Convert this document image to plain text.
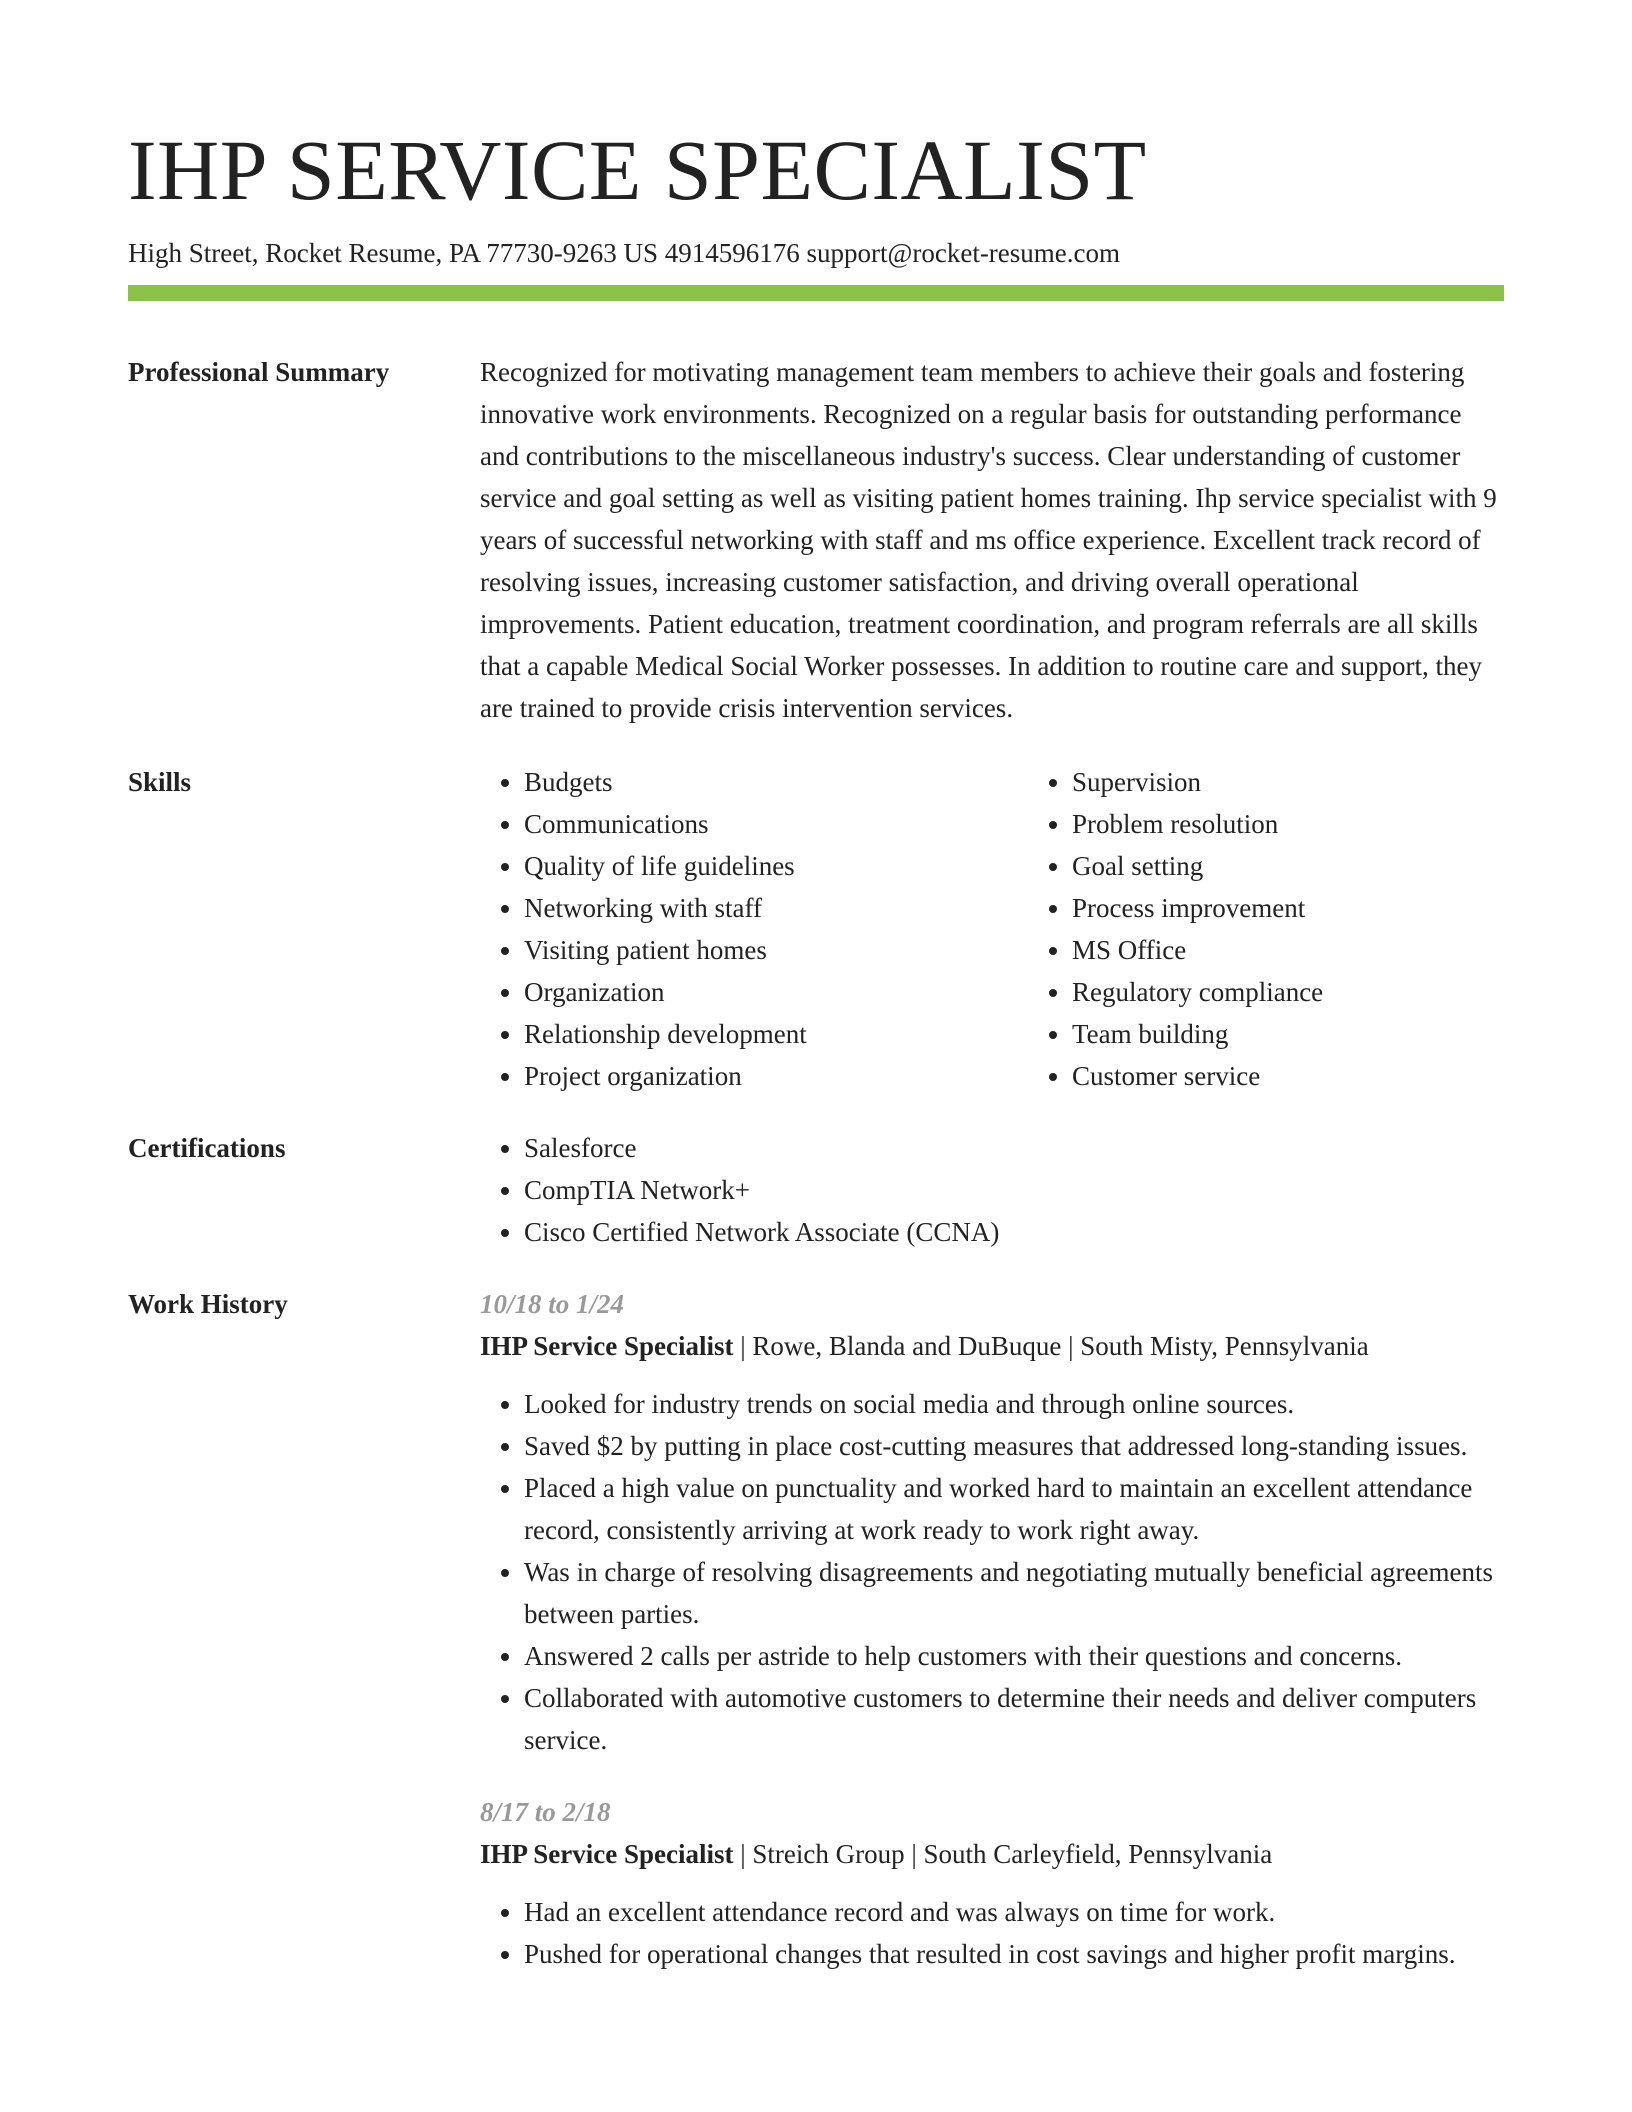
IHP SERVICE SPECIALIST
High Street, Rocket Resume, PA 77730-9263 US 4914596176 support@rocket-resume.com
Professional Summary	Recognized for motivating management team members to achieve their goals and fostering innovative work environments. Recognized on a regular basis for outstanding performance and contributions to the miscellaneous industry's success. Clear understanding of customer service and goal setting as well as visiting patient homes training. Ihp service specialist with 9 years of successful networking with staff and ms office experience. Excellent track record of resolving issues, increasing customer satisfaction, and driving overall operational improvements. Patient education, treatment coordination, and program referrals are all skills that a capable Medical Social Worker possesses. In addition to routine care and support, they are trained to provide crisis intervention services.

Skills	• Budgets
• Communications
• Quality of life guidelines
• Networking with staff
• Visiting patient homes
• Organization
• Relationship development
• Project organization
• Supervision
• Problem resolution
• Goal setting
• Process improvement
• MS Office
• Regulatory compliance
• Team building
• Customer service
Certifications	• Salesforce
• CompTIA Network+
• Cisco Certified Network Associate (CCNA)
Work History	10/18 to 1/24
IHP Service Specialist | Rowe, Blanda and DuBuque | South Misty, Pennsylvania
• Looked for industry trends on social media and through online sources.
• Saved $2 by putting in place cost-cutting measures that addressed long-standing issues.
• Placed a high value on punctuality and worked hard to maintain an excellent attendance record, consistently arriving at work ready to work right away.
• Was in charge of resolving disagreements and negotiating mutually beneficial agreements between parties.
• Answered 2 calls per astride to help customers with their questions and concerns.
• Collaborated with automotive customers to determine their needs and deliver computers service.
8/17 to 2/18
IHP Service Specialist | Streich Group | South Carleyfield, Pennsylvania
• Had an excellent attendance record and was always on time for work.
• Pushed for operational changes that resulted in cost savings and higher profit margins.
